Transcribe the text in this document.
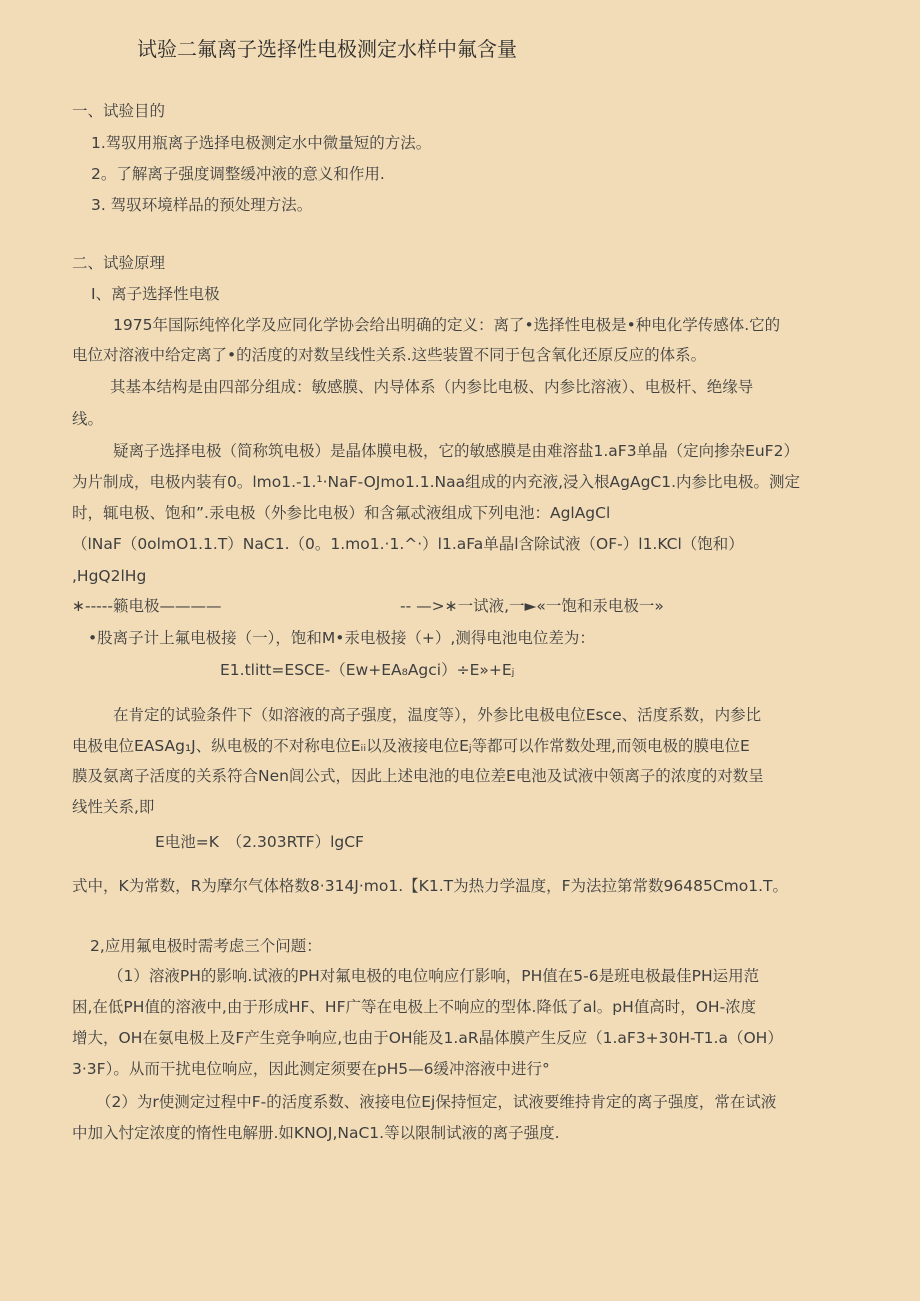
试验二氟离子选择性电极测定水样中氟含量
一、试验目的
1.驾驭用瓶离子选择电极测定水中微量短的方法。
2。了解离子强度调整缓冲液的意义和作用.
3. 驾驭环境样品的预处理方法。
二、试验原理
I、离子选择性电极
1975年国际纯悴化学及应同化学协会给出明确的定义：离了•选择性电极是•种电化学传感体.它的
电位对溶液中给定离了•的活度的对数呈线性关系.这些装置不同于包含氧化还原反应的体系。
其基本结构是由四部分组成：敏感膜、内导体系（内参比电极、内参比溶液）、电极杆、绝缘导
线。
疑离子选择电极（简称筑电极）是晶体膜电极，它的敏感膜是由难溶盐1.aF3单晶（定向掺杂EuF2）
为片制成，电极内装有0。lmo1.-1.¹·NaF-OJmo1.1.Naa组成的内充液,浸入根AgAgC1.内参比电极。测定
时，辄电极、饱和”.汞电极（外参比电极）和含氟忒液组成下列电池：AglAgCl
（lNaF（0olmO1.1.T）NaC1.（0。1.mo1.·1.^·）l1.aFa单晶l含除试液（OF-）l1.KCl（饱和）
,HgQ2lHg
∗-----籁电极————	-- —>∗一试液,一►«一饱和汞电极一»
•股离子计上氟电极接（一），饱和M•汞电极接（+）,测得电池电位差为：
E1.tlitt=ESCE-（Ew+EA₈Agci）÷E»+Eⱼ
在肯定的试验条件下（如溶液的高子强度，温度等），外参比电极电位Esce、活度系数，内参比
电极电位EASAg₁J、纵电极的不对称电位Eᵢᵢ以及液接电位Eⱼ等都可以作常数处理,而领电极的膜电位E
膜及氨离子活度的关系符合Nen闾公式，因此上述电池的电位差E电池及试液中领离子的浓度的对数呈
线性关系,即
E电池=K　（2.303RTF）lgCF
式中，K为常数，R为摩尔气体格数8·314J·mo1.【K1.T为热力学温度，F为法拉第常数96485Cmo1.T。
2,应用氟电极时需考虑三个问题：
（1）溶液PH的影响.试液的PH对氟电极的电位响应仃影响，PH值在5-6是班电极最佳PH运用范
困,在低PH值的溶液中,由于形成HF、HF广等在电极上不响应的型体.降低了al。pH值高时，OH-浓度
增大，OH在氨电极上及F产生竞争响应,也由于OH能及1.aR晶体膜产生反应（1.aF3+30H-T1.a（OH）
3·3F）。从而干扰电位响应，因此测定须要在pH5—6缓冲溶液中进行°
（2）为r使测定过程中F-的活度系数、液接电位Ej保持恒定，试液要维持肯定的离子强度，常在试液
中加入忖定浓度的惰性电解册.如KNOJ,NaC1.等以限制试液的离子强度.
